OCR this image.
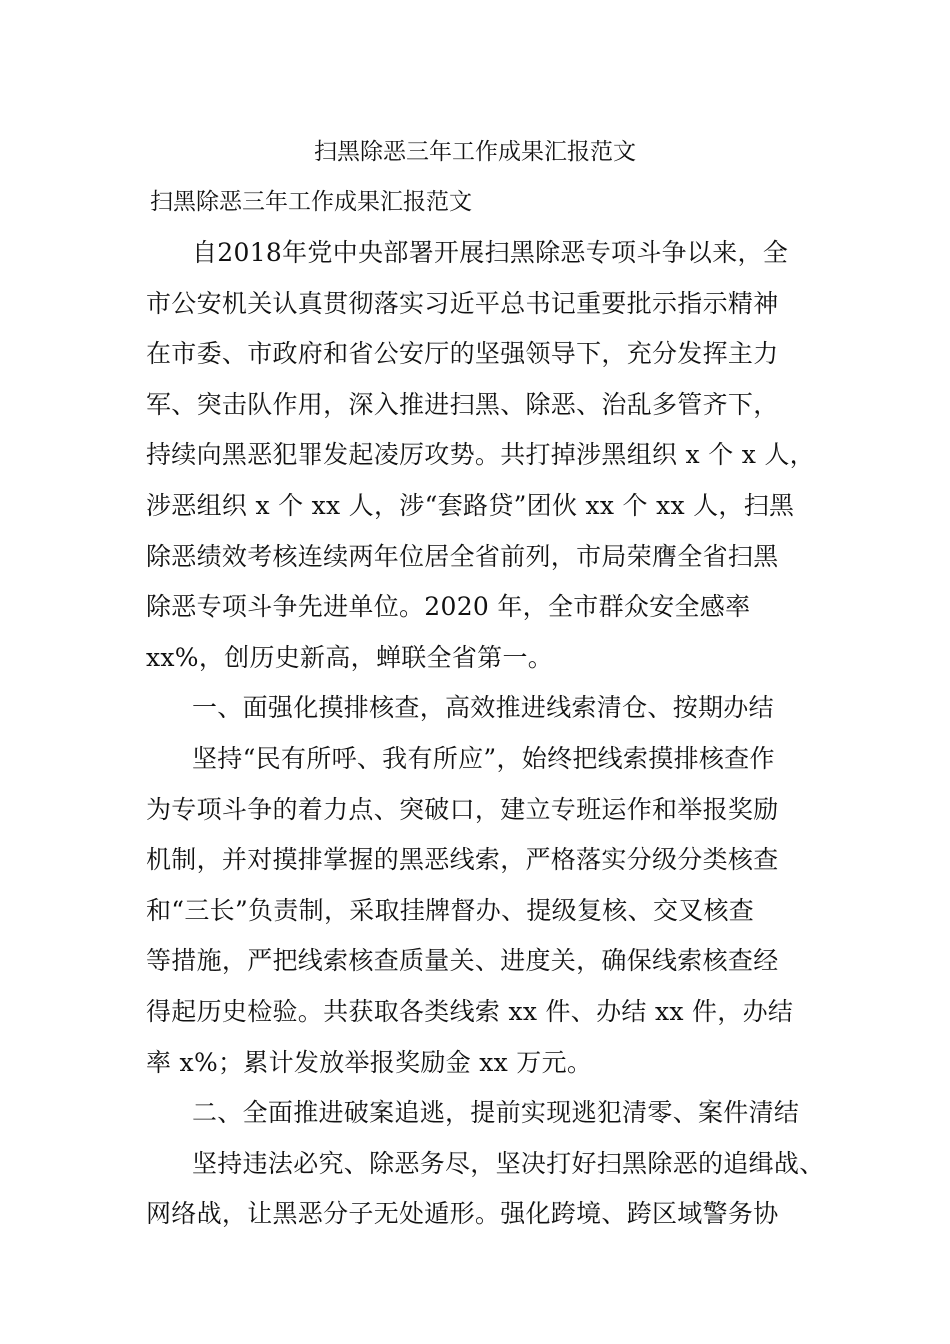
扫黑除恶三年工作成果汇报范文

扫黑除恶三年工作成果汇报范文

自2018年党中央部署开展扫黑除恶专项斗争以来，全
市公安机关认真贯彻落实习近平总书记重要批示指示精神
在市委、市政府和省公安厅的坚强领导下，充分发挥主力
军、突击队作用，深入推进扫黑、除恶、治乱多管齐下，
持续向黑恶犯罪发起凌厉攻势。共打掉涉黑组织 x 个 x 人，
涉恶组织 x 个 xx 人，涉“套路贷”团伙 xx 个 xx 人，扫黑
除恶绩效考核连续两年位居全省前列，市局荣膺全省扫黑
除恶专项斗争先进单位。2020 年，全市群众安全感率
xx%，创历史新高，蝉联全省第一。
一、面强化摸排核查，高效推进线索清仓、按期办结
坚持“民有所呼、我有所应”，始终把线索摸排核查作
为专项斗争的着力点、突破口，建立专班运作和举报奖励
机制，并对摸排掌握的黑恶线索，严格落实分级分类核查
和“三长”负责制，采取挂牌督办、提级复核、交叉核查
等措施，严把线索核查质量关、进度关，确保线索核查经
得起历史检验。共获取各类线索 xx 件、办结 xx 件，办结
率 x%；累计发放举报奖励金 xx 万元。
二、全面推进破案追逃，提前实现逃犯清零、案件清结
坚持违法必究、除恶务尽，坚决打好扫黑除恶的追缉战、
网络战，让黑恶分子无处遁形。强化跨境、跨区域警务协
